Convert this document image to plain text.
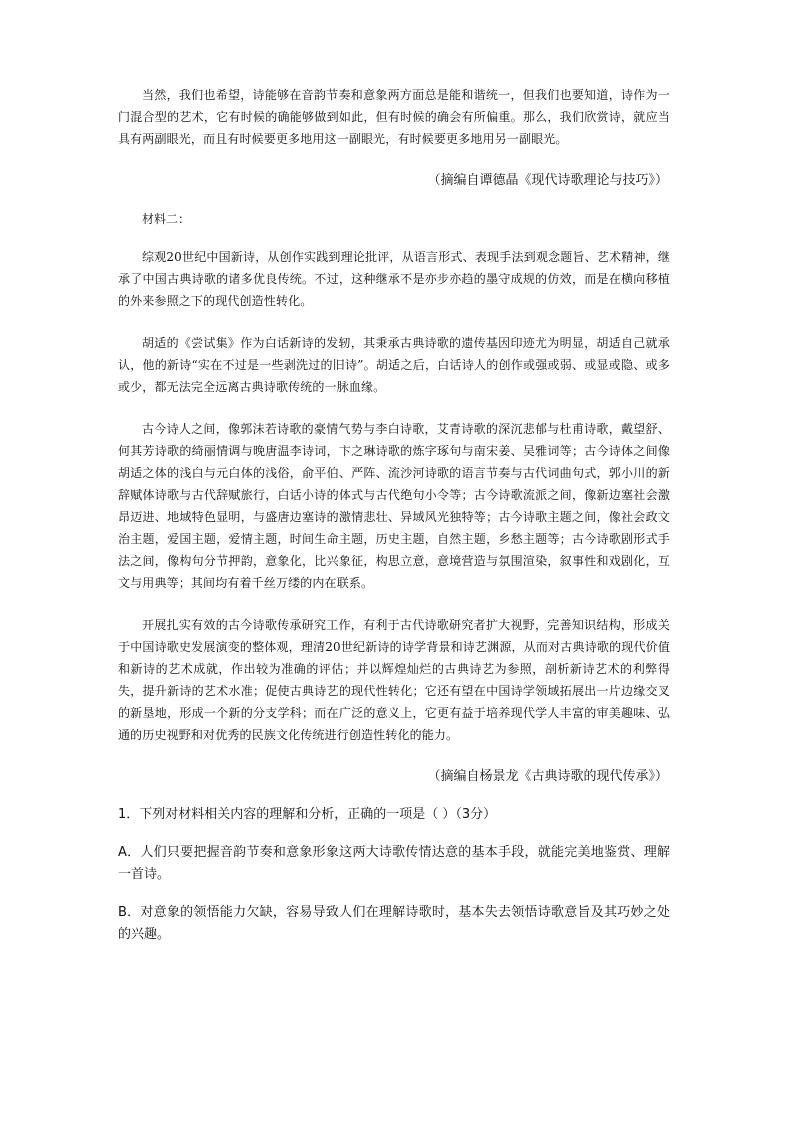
当然，我们也希望，诗能够在音韵节奏和意象两方面总是能和谐统一，但我们也要知道，诗作为一门混合型的艺术，它有时候的确能够做到如此，但有时候的确会有所偏重。那么，我们欣赏诗，就应当具有两副眼光，而且有时候要更多地用这一副眼光，有时候要更多地用另一副眼光。

（摘编自谭德晶《现代诗歌理论与技巧》）

材料二：

综观20世纪中国新诗，从创作实践到理论批评，从语言形式、表现手法到观念题旨、艺术精神，继承了中国古典诗歌的诸多优良传统。不过，这种继承不是亦步亦趋的墨守成规的仿效，而是在横向移植的外来参照之下的现代创造性转化。

胡适的《尝试集》作为白话新诗的发轫，其秉承古典诗歌的遗传基因印迹尤为明显，胡适自己就承认，他的新诗“实在不过是一些剥洗过的旧诗”。胡适之后，白话诗人的创作或强或弱、或显或隐、或多或少，都无法完全远离古典诗歌传统的一脉血缘。

古今诗人之间，像郭沫若诗歌的豪情气势与李白诗歌，艾青诗歌的深沉悲郁与杜甫诗歌，戴望舒、何其芳诗歌的绮丽情调与晚唐温李诗词，卞之琳诗歌的炼字琢句与南宋姜、吴雅词等；古今诗体之间像胡适之体的浅白与元白体的浅俗，俞平伯、严阵、流沙河诗歌的语言节奏与古代词曲句式，郭小川的新辞赋体诗歌与古代辞赋旅行，白话小诗的体式与古代绝句小令等；古今诗歌流派之间，像新边塞社会激昂迈进、地域特色显明，与盛唐边塞诗的激情悲壮、异域风光独特等；古今诗歌主题之间，像社会政文治主题，爱国主题，爱情主题，时间生命主题，历史主题，自然主题，乡愁主题等；古今诗歌剧形式手法之间，像构句分节押韵，意象化，比兴象征，构思立意，意境营造与氛围渲染，叙事性和戏剧化，互文与用典等；其间均有着千丝万缕的内在联系。

开展扎实有效的古今诗歌传承研究工作，有利于古代诗歌研究者扩大视野，完善知识结构，形成关于中国诗歌史发展演变的整体观，理清20世纪新诗的诗学背景和诗艺渊源，从而对古典诗歌的现代价值和新诗的艺术成就，作出较为准确的评估；并以辉煌灿烂的古典诗艺为参照，剖析新诗艺术的利弊得失，提升新诗的艺术水准；促使古典诗艺的现代性转化；它还有望在中国诗学领域拓展出一片边缘交叉的新垦地，形成一个新的分支学科；而在广泛的意义上，它更有益于培养现代学人丰富的审美趣味、弘通的历史视野和对优秀的民族文化传统进行创造性转化的能力。

（摘编自杨景龙《古典诗歌的现代传承》）

1．下列对材料相关内容的理解和分析，正确的一项是（ ）（3分）

A．人们只要把握音韵节奏和意象形象这两大诗歌传情达意的基本手段，就能完美地鉴赏、理解一首诗。

B．对意象的领悟能力欠缺，容易导致人们在理解诗歌时，基本失去领悟诗歌意旨及其巧妙之处的兴趣。
